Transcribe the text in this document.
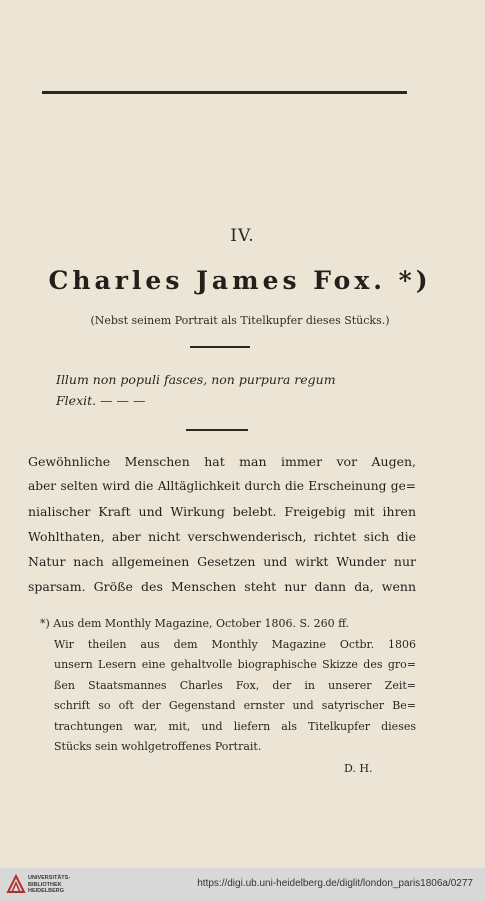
IV.
Charles James Fox. *)
(Nebst seinem Portrait als Titelkupfer dieses Stücks.)
Illum non populi fasces, non purpura regum
Flexit. — — —
Gewöhnliche Menschen hat man immer vor Augen,
aber selten wird die Alltäglichkeit durch die Erscheinung ge=
nialischer Kraft und Wirkung belebt. Freigebig mit ihren
Wohlthaten, aber nicht verschwenderisch, richtet sich die
Natur nach allgemeinen Gesetzen und wirkt Wunder nur
sparsam. Größe des Menschen steht nur dann da, wenn
*) Aus dem Monthly Magazine, October 1806. S. 260 ff.
Wir theilen aus dem Monthly Magazine Octbr. 1806
unsern Lesern eine gehaltvolle biographische Skizze des gro=
ßen Staatsmannes Charles Fox, der in unserer Zeit=
schrift so oft der Gegenstand ernster und satyrischer Be=
trachtungen war, mit, und liefern als Titelkupfer dieses
Stücks sein wohlgetroffenes Portrait.
D. H.
UNIVERSITÄTS-
BIBLIOTHEK
HEIDELBERG
https://digi.ub.uni-heidelberg.de/diglit/london_paris1806a/0277
